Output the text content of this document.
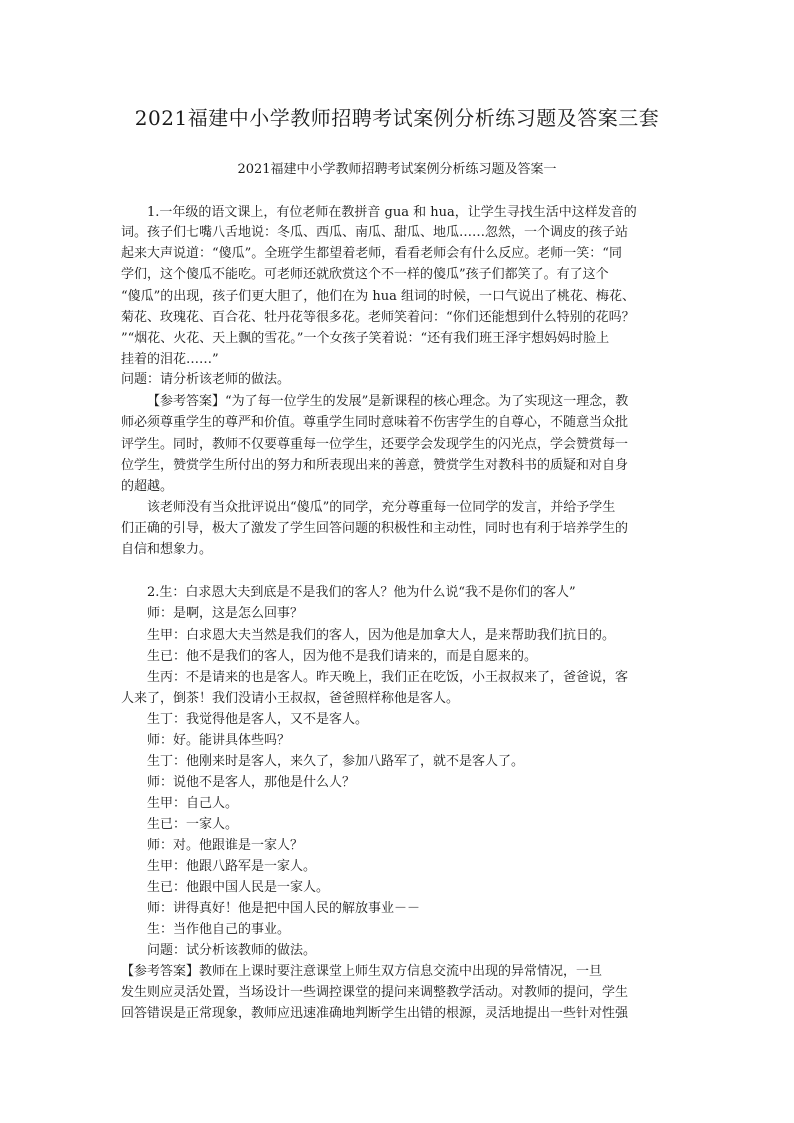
2021福建中小学教师招聘考试案例分析练习题及答案三套
2021福建中小学教师招聘考试案例分析练习题及答案一
1.一年级的语文课上，有位老师在教拼音 gua 和 hua，让学生寻找生活中这样发音的
词。孩子们七嘴八舌地说：冬瓜、西瓜、南瓜、甜瓜、地瓜……忽然，一个调皮的孩子站
起来大声说道：“傻瓜”。全班学生都望着老师，看看老师会有什么反应。老师一笑：“同
学们，这个傻瓜不能吃。可老师还就欣赏这个不一样的傻瓜”孩子们都笑了。有了这个
“傻瓜”的出现，孩子们更大胆了，他们在为 hua 组词的时候，一口气说出了桃花、梅花、
菊花、玫瑰花、百合花、牡丹花等很多花。老师笑着问：“你们还能想到什么特别的花吗？
”“烟花、火花、天上飘的雪花。”一个女孩子笑着说：“还有我们班王泽宇想妈妈时脸上
挂着的泪花……”
问题：请分析该老师的做法。
【参考答案】“为了每一位学生的发展”是新课程的核心理念。为了实现这一理念，教
师必须尊重学生的尊严和价值。尊重学生同时意味着不伤害学生的自尊心，不随意当众批
评学生。同时，教师不仅要尊重每一位学生，还要学会发现学生的闪光点，学会赞赏每一
位学生，赞赏学生所付出的努力和所表现出来的善意，赞赏学生对教科书的质疑和对自身
的超越。
该老师没有当众批评说出“傻瓜”的同学，充分尊重每一位同学的发言，并给予学生
们正确的引导，极大了激发了学生回答问题的积极性和主动性，同时也有利于培养学生的
自信和想象力。
2.生：白求恩大夫到底是不是我们的客人？他为什么说“我不是你们的客人”
师：是啊，这是怎么回事？
生甲：白求恩大夫当然是我们的客人，因为他是加拿大人，是来帮助我们抗日的。
生已：他不是我们的客人，因为他不是我们请来的，而是自愿来的。
生丙：不是请来的也是客人。昨天晚上，我们正在吃饭，小王叔叔来了，爸爸说，客
人来了，倒茶！我们没请小王叔叔，爸爸照样称他是客人。
生丁：我觉得他是客人，又不是客人。
师：好。能讲具体些吗？
生丁：他刚来时是客人，来久了，参加八路军了，就不是客人了。
师：说他不是客人，那他是什么人？
生甲：自己人。
生已：一家人。
师：对。他跟谁是一家人？
生甲：他跟八路军是一家人。
生已：他跟中国人民是一家人。
师：讲得真好！他是把中国人民的解放事业－－
生：当作他自己的事业。
问题：试分析该教师的做法。
【参考答案】教师在上课时要注意课堂上师生双方信息交流中出现的异常情况，一旦
发生则应灵活处置，当场设计一些调控课堂的提问来调整教学活动。对教师的提问，学生
回答错误是正常现象，教师应迅速准确地判断学生出错的根源，灵活地提出一些针对性强
